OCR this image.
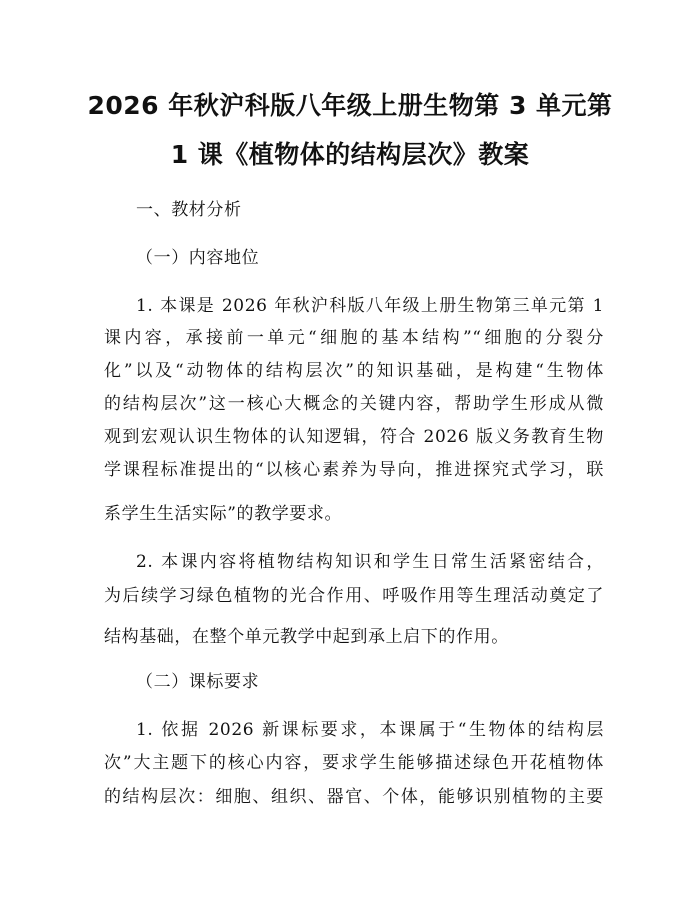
2026 年秋沪科版八年级上册生物第 3 单元第
1 课《植物体的结构层次》教案
一、教材分析
（一）内容地位
1. 本课是 2026 年秋沪科版八年级上册生物第三单元第 1
课内容，承接前一单元“细胞的基本结构”“细胞的分裂分
化”以及“动物体的结构层次”的知识基础，是构建“生物体
的结构层次”这一核心大概念的关键内容，帮助学生形成从微
观到宏观认识生物体的认知逻辑，符合 2026 版义务教育生物
学课程标准提出的“以核心素养为导向，推进探究式学习，联
系学生生活实际”的教学要求。
2. 本课内容将植物结构知识和学生日常生活紧密结合，
为后续学习绿色植物的光合作用、呼吸作用等生理活动奠定了
结构基础，在整个单元教学中起到承上启下的作用。
（二）课标要求
1. 依据 2026 新课标要求，本课属于“生物体的结构层
次”大主题下的核心内容，要求学生能够描述绿色开花植物体
的结构层次：细胞、组织、器官、个体，能够识别植物的主要
